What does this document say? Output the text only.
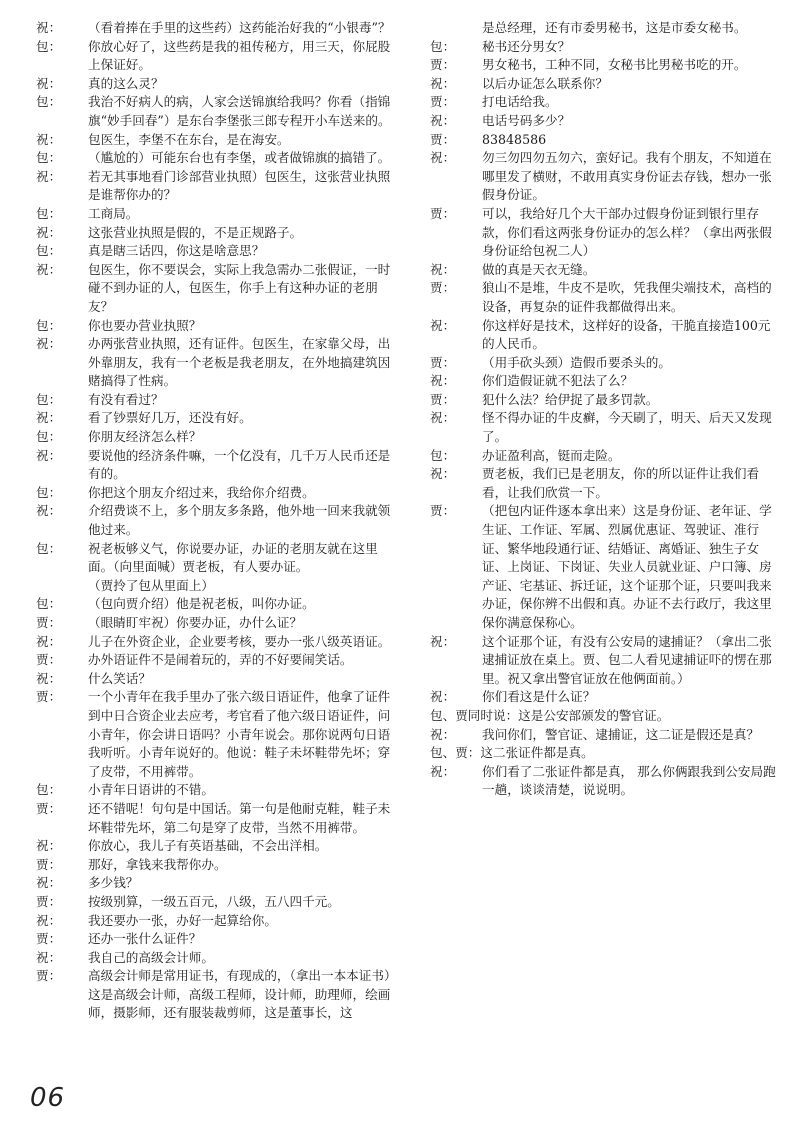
祝：	（看着捧在手里的这些药）这药能治好我的“小银毒”？
包：	你放心好了，这些药是我的祖传秘方，用三天，你屁股上保证好。
祝：	真的这么灵？
包：	我治不好病人的病，人家会送锦旗给我吗？你看（指锦旗“妙手回春”）是东台李堡张三郎专程开小车送来的。
祝：	包医生，李堡不在东台，是在海安。
包：	（尴尬的）可能东台也有李堡，或者做锦旗的搞错了。
祝：	若无其事地看门诊部营业执照）包医生，这张营业执照是谁帮你办的？
包：	工商局。
祝：	这张营业执照是假的，不是正规路子。
包：	真是瞎三话四，你这是啥意思？
祝：	包医生，你不要误会，实际上我急需办二张假证，一时碰不到办证的人，包医生，你手上有这种办证的老朋友？
包：	你也要办营业执照？
祝：	办两张营业执照，还有证件。包医生，在家靠父母，出外靠朋友，我有一个老板是我老朋友，在外地搞建筑因赌搞得了性病。
包：	有没有看过？
祝：	看了钞票好几万，还没有好。
包：	你朋友经济怎么样？
祝：	要说他的经济条件嘛，一个亿没有，几千万人民币还是有的。
包：	你把这个朋友介绍过来，我给你介绍费。
祝：	介绍费谈不上，多个朋友多条路，他外地一回来我就领他过来。
包：	祝老板够义气，你说要办证，办证的老朋友就在这里面。（向里面喊）贾老板，有人要办证。
（贾拎了包从里面上）
包：	（包向贾介绍）他是祝老板，叫你办证。
贾：	（眼睛盯牢祝）你要办证，办什么证？
祝：	儿子在外资企业，企业要考核，要办一张八级英语证。
贾：	办外语证件不是闹着玩的，弄的不好要闹笑话。
祝：	什么笑话？
贾：	一个小青年在我手里办了张六级日语证件，他拿了证件到中日合资企业去应考，考官看了他六级日语证件，问小青年，你会讲日语吗？小青年说会。那你说两句日语我听听。小青年说好的。他说：鞋子未坏鞋带先坏；穿了皮带，不用裤带。
包：	小青年日语讲的不错。
贾：	还不错呢！句句是中国话。第一句是他耐克鞋，鞋子未坏鞋带先坏，第二句是穿了皮带，当然不用裤带。
祝：	你放心，我儿子有英语基础，不会出洋相。
贾：	那好，拿钱来我帮你办。
祝：	多少钱？
贾：	按级别算，一级五百元，八级，五八四千元。
祝：	我还要办一张，办好一起算给你。
贾：	还办一张什么证件？
祝：	我自己的高级会计师。
贾：	高级会计师是常用证书，有现成的，（拿出一本本证书）这是高级会计师，高级工程师，设计师，助理师，绘画师，摄影师，还有服装裁剪师，这是董事长，这
是总经理，还有市委男秘书，这是市委女秘书。
包：	秘书还分男女？
贾：	男女秘书，工种不同，女秘书比男秘书吃的开。
祝：	以后办证怎么联系你？
贾：	打电话给我。
祝：	电话号码多少？
贾：	83848586
祝：	勿三勿四勿五勿六，蛮好记。我有个朋友，不知道在哪里发了横财，不敢用真实身份证去存钱，想办一张假身份证。
贾：	可以，我给好几个大干部办过假身份证到银行里存款，你们看这两张身份证办的怎么样？（拿出两张假身份证给包祝二人）
祝：	做的真是天衣无缝。
贾：	狼山不是堆，牛皮不是吹，凭我俚尖端技术，高档的设备，再复杂的证件我都做得出来。
祝：	你这样好是技术，这样好的设备，干脆直接造100元的人民币。
贾：	（用手砍头颈）造假币要杀头的。
祝：	你们造假证就不犯法了么？
贾：	犯什么法？给伊捉了最多罚款。
祝：	怪不得办证的牛皮癣，今天刷了，明天、后天又发现了。
包：	办证盈利高，铤而走险。
祝：	贾老板，我们已是老朋友，你的所以证件让我们看看，让我们欣赏一下。
贾：	（把包内证件逐本拿出来）这是身份证、老年证、学生证、工作证、军属、烈属优惠证、驾驶证、准行证、繁华地段通行证、结婚证、离婚证、独生子女证、上岗证、下岗证、失业人员就业证、户口簿、房产证、宅基证、拆迁证，这个证那个证，只要叫我来办证，保你辨不出假和真。办证不去行政厅，我这里保你满意保称心。
祝：	这个证那个证，有没有公安局的逮捕证？（拿出二张逮捕证放在桌上。贾、包二人看见逮捕证吓的愣在那里。祝又拿出警官证放在他俩面前。）
祝：	你们看这是什么证？
包、贾同时说： 这是公安部颁发的警官证。
祝：	我问你们，警官证、逮捕证，这二证是假还是真？
包、贾： 这二张证件都是真。
祝：	你们看了二张证件都是真， 那么你俩跟我到公安局跑一趟，谈谈清楚，说说明。
06
